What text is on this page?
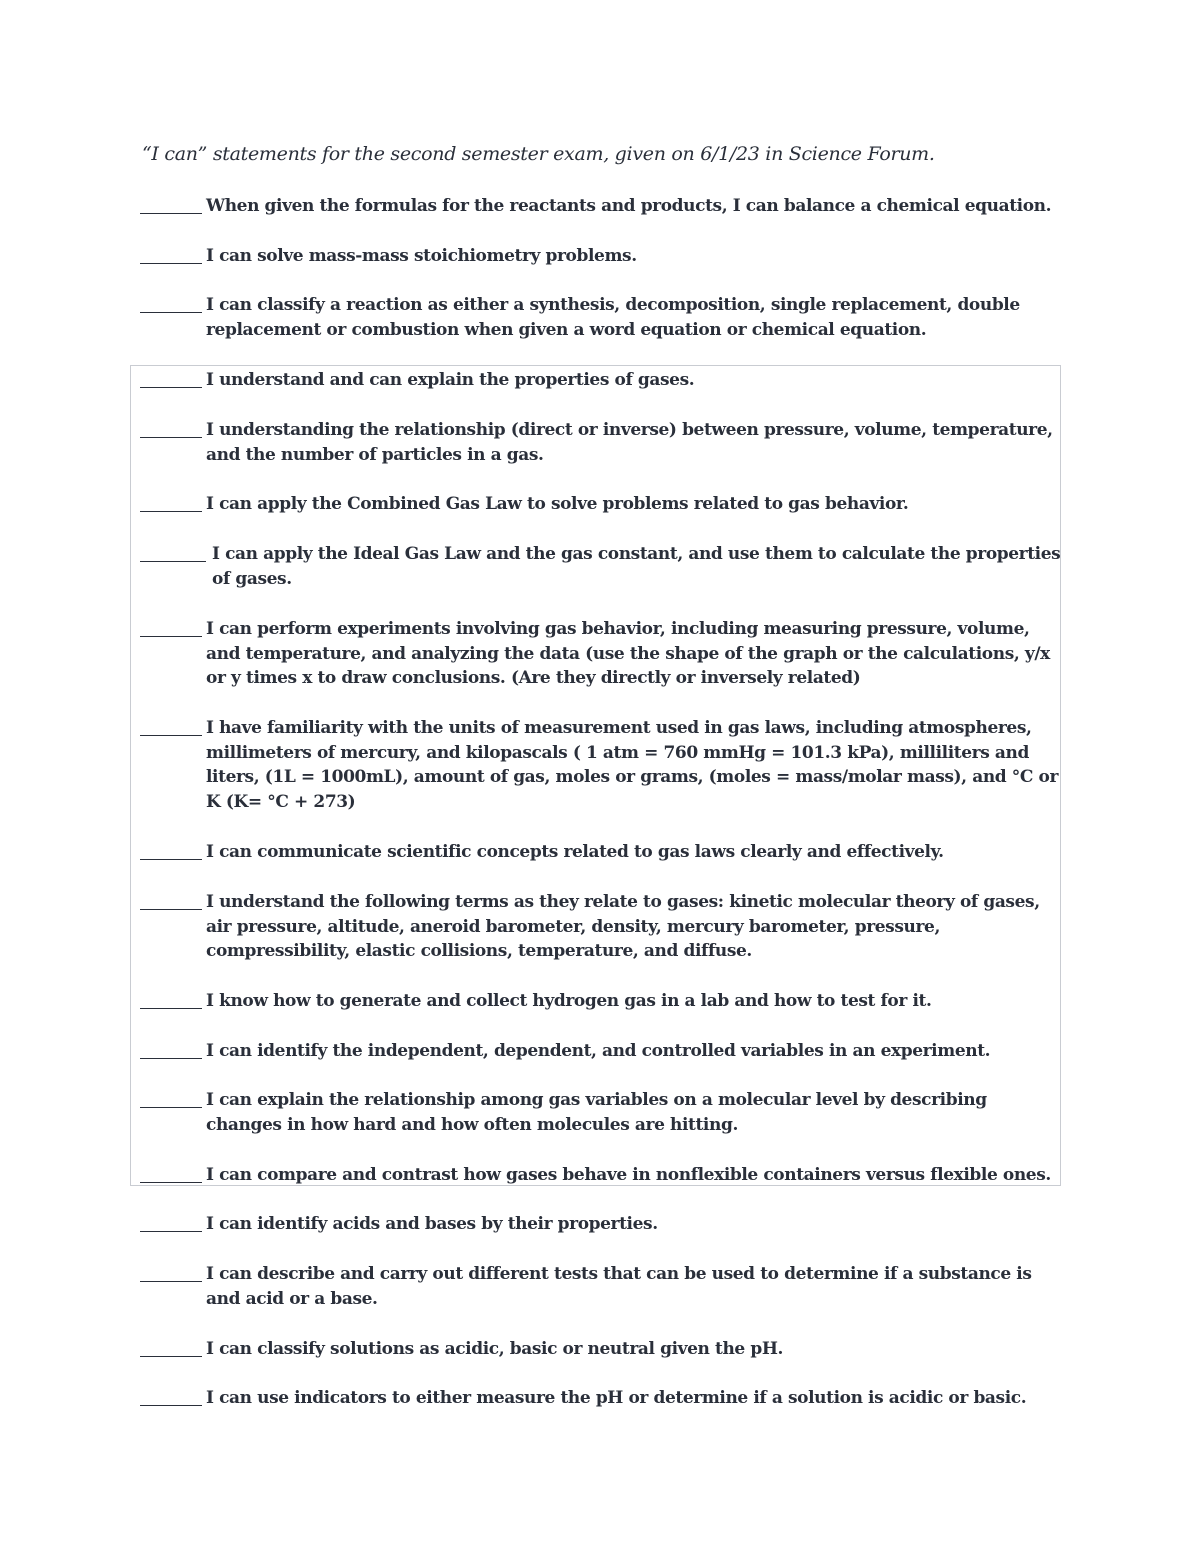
“I can” statements for the second semester exam, given on 6/1/23 in Science Forum.
When given the formulas for the reactants and products, I can balance a chemical equation.
I can solve mass-mass stoichiometry problems.
I can classify a reaction as either a synthesis, decomposition, single replacement, double replacement or combustion when given a word equation or chemical equation.
I understand and can explain the properties of gases.
I understanding the relationship (direct or inverse) between pressure, volume, temperature, and the number of particles in a gas.
I can apply the Combined Gas Law to solve problems related to gas behavior.
I can apply the Ideal Gas Law and the gas constant, and use them to calculate the properties of gases.
I can perform experiments involving gas behavior, including measuring pressure, volume, and temperature, and analyzing the data (use the shape of the graph or the calculations, y/x or y times x to draw conclusions. (Are they directly or inversely related)
I have familiarity with the units of measurement used in gas laws, including atmospheres, millimeters of mercury, and kilopascals ( 1 atm = 760 mmHg = 101.3 kPa), milliliters and liters, (1L = 1000mL), amount of gas, moles or grams, (moles = mass/molar mass), and °C or K (K= °C + 273)
I can communicate scientific concepts related to gas laws clearly and effectively.
I understand the following terms as they relate to gases: kinetic molecular theory of gases, air pressure, altitude, aneroid barometer, density, mercury barometer, pressure, compressibility, elastic collisions, temperature, and diffuse.
I know how to generate and collect hydrogen gas in a lab and how to test for it.
I can identify the independent, dependent, and controlled variables in an experiment.
I can explain the relationship among gas variables on a molecular level by describing changes in how hard and how often molecules are hitting.
I can compare and contrast how gases behave in nonflexible containers versus flexible ones.
I can identify acids and bases by their properties.
I can describe and carry out different tests that can be used to determine if a substance is and acid or a base.
I can classify solutions as acidic, basic or neutral given the pH.
I can use indicators to either measure the pH or determine if a solution is acidic or basic.
